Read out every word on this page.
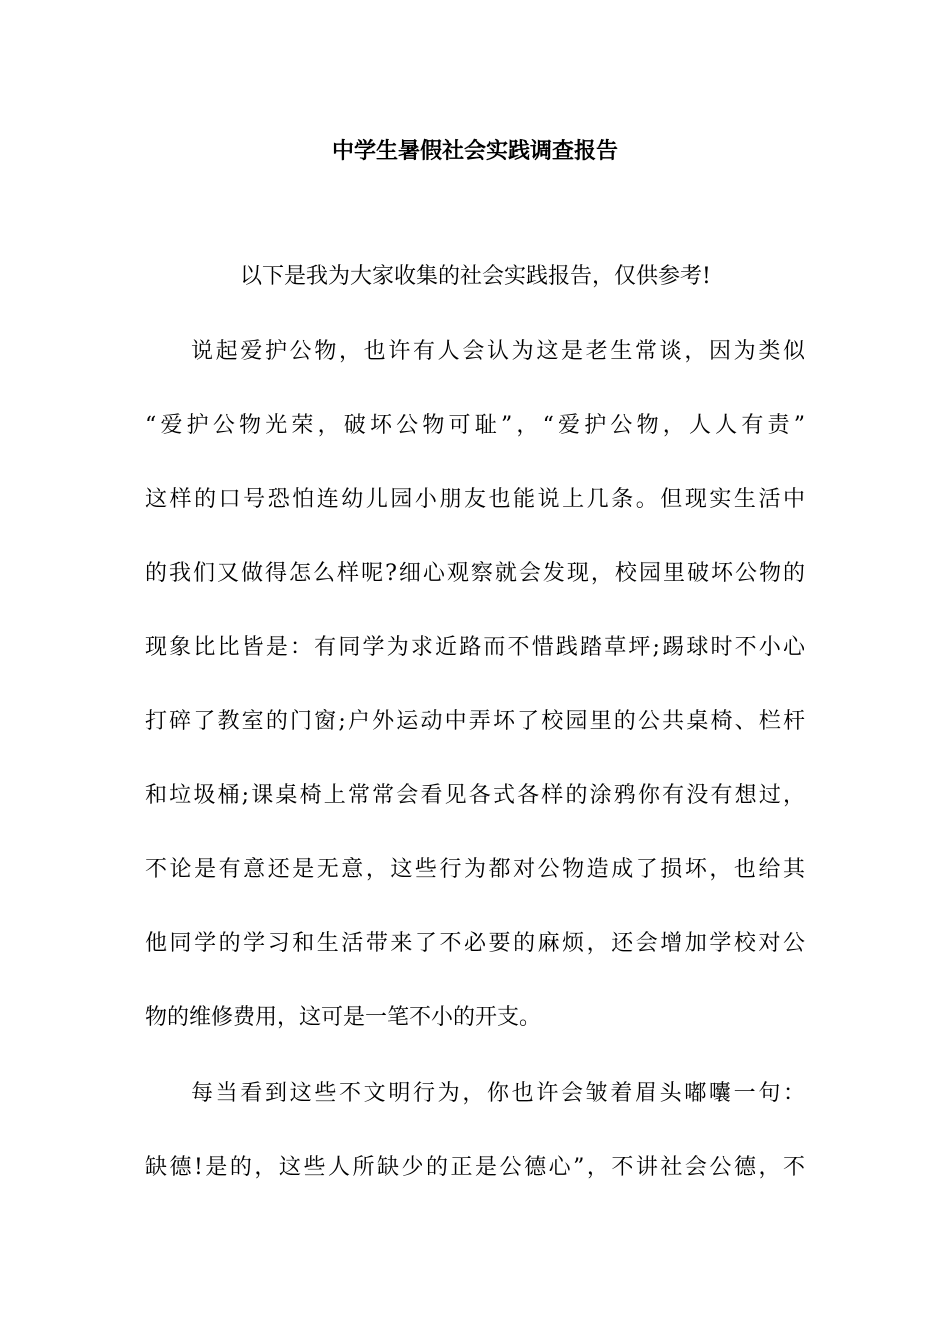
中学生暑假社会实践调查报告
以下是我为大家收集的社会实践报告，仅供参考!
说起爱护公物，也许有人会认为这是老生常谈，因为类似
“爱护公物光荣，破坏公物可耻”，“爱护公物，人人有责”
这样的口号恐怕连幼儿园小朋友也能说上几条。但现实生活中
的我们又做得怎么样呢?细心观察就会发现，校园里破坏公物的
现象比比皆是：有同学为求近路而不惜践踏草坪;踢球时不小心
打碎了教室的门窗;户外运动中弄坏了校园里的公共桌椅、栏杆
和垃圾桶;课桌椅上常常会看见各式各样的涂鸦你有没有想过，
不论是有意还是无意，这些行为都对公物造成了损坏，也给其
他同学的学习和生活带来了不必要的麻烦，还会增加学校对公
物的维修费用，这可是一笔不小的开支。
每当看到这些不文明行为，你也许会皱着眉头嘟囔一句：
缺德!是的，这些人所缺少的正是公德心”，不讲社会公德，不
